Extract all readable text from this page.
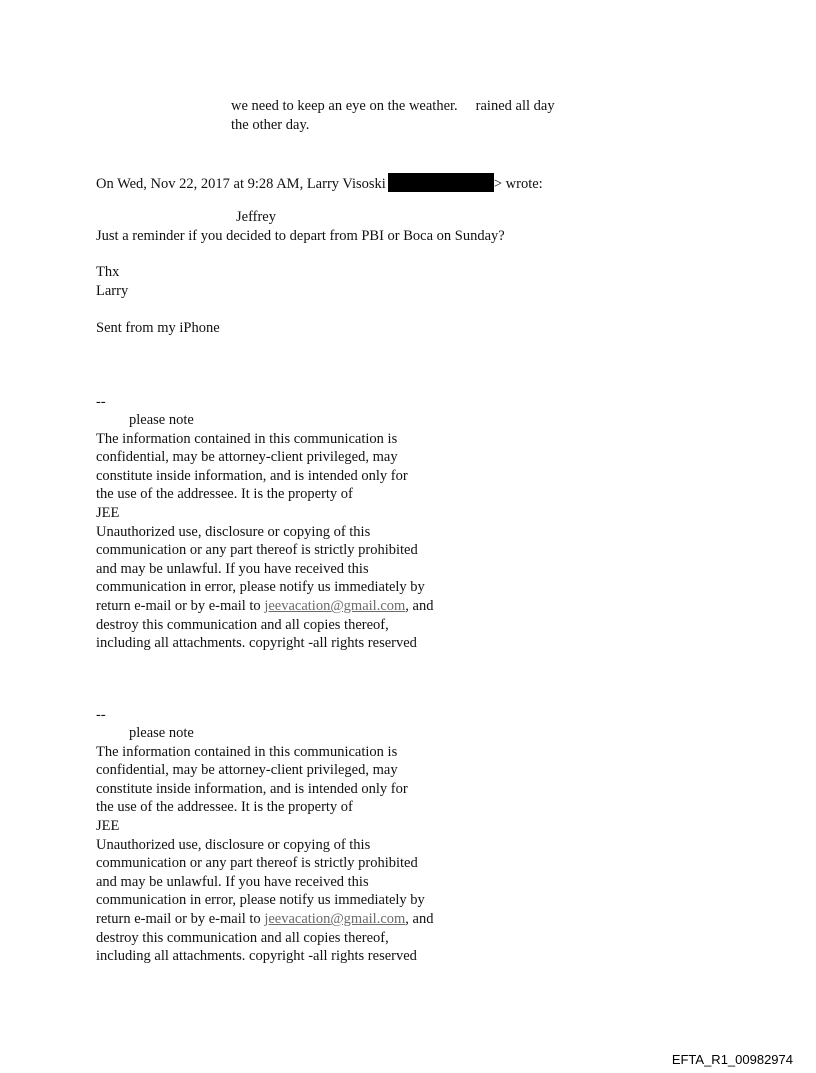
we need to keep an eye on the weather. rained all day
the other day.
On Wed, Nov 22, 2017 at 9:28 AM, Larry Visoski	> wrote:
Jeffrey
Just a reminder if you decided to depart from PBI or Boca on Sunday?
Thx
Larry
Sent from my iPhone
--
please note
The information contained in this communication is
confidential, may be attorney-client privileged, may
constitute inside information, and is intended only for
the use of the addressee. It is the property of
JEE
Unauthorized use, disclosure or copying of this
communication or any part thereof is strictly prohibited
and may be unlawful. If you have received this
communication in error, please notify us immediately by
return e-mail or by e-mail to jeevacation@gmail.com, and
destroy this communication and all copies thereof,
including all attachments. copyright -all rights reserved
--
please note
The information contained in this communication is
confidential, may be attorney-client privileged, may
constitute inside information, and is intended only for
the use of the addressee. It is the property of
JEE
Unauthorized use, disclosure or copying of this
communication or any part thereof is strictly prohibited
and may be unlawful. If you have received this
communication in error, please notify us immediately by
return e-mail or by e-mail to jeevacation@gmail.com, and
destroy this communication and all copies thereof,
including all attachments. copyright -all rights reserved
EFTA_R1_00982974
